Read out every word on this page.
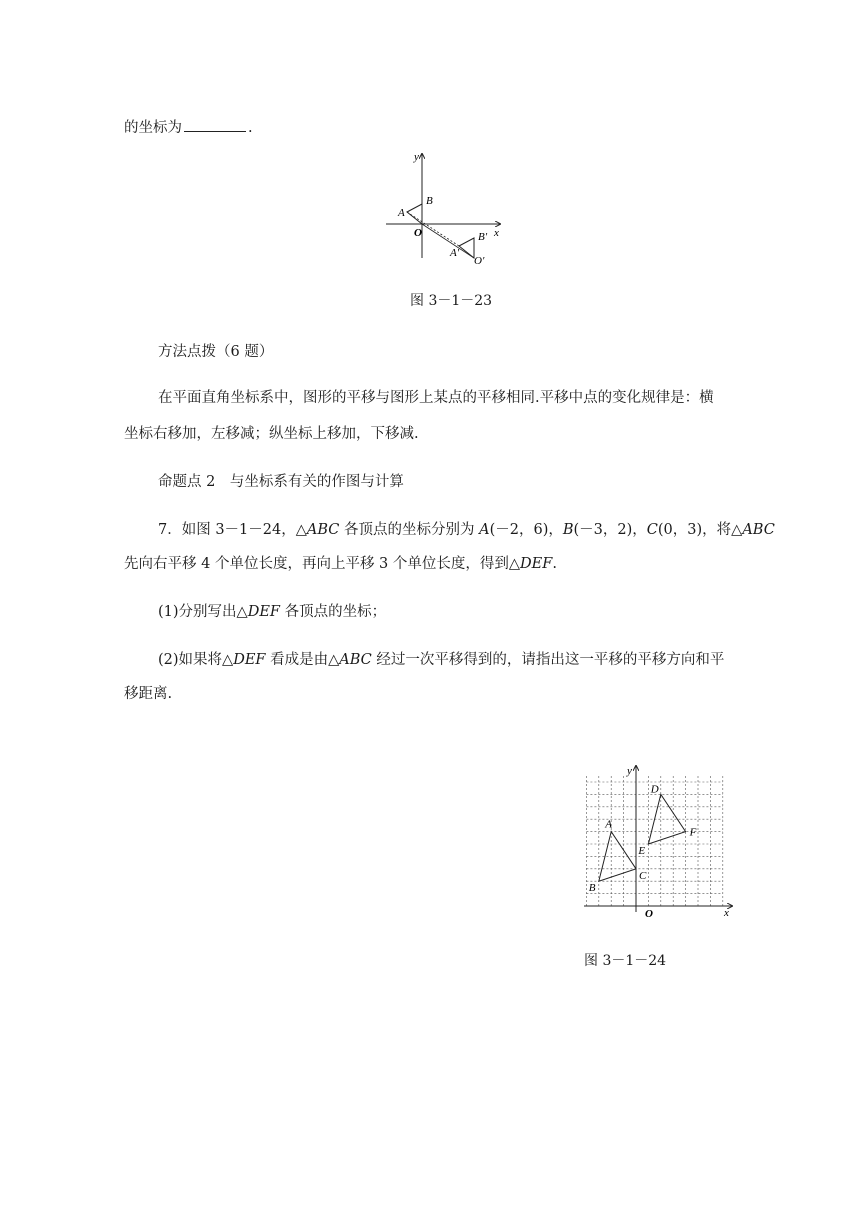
的坐标为	.
y
x
O
A
B
A′
B′
O′
图 3－1－23
方法点拨（6 题）
在平面直角坐标系中，图形的平移与图形上某点的平移相同.平移中点的变化规律是：横
坐标右移加，左移减；纵坐标上移加，下移减.
命题点 2　与坐标系有关的作图与计算
7．如图 3－1－24，△ABC 各顶点的坐标分别为 A(－2，6)，B(－3，2)，C(0，3)，将△ABC
先向右平移 4 个单位长度，再向上平移 3 个单位长度，得到△DEF.
(1)分别写出△DEF 各顶点的坐标；
(2)如果将△DEF 看成是由△ABC 经过一次平移得到的，请指出这一平移的平移方向和平
移距离.
y
x
O
A
B
C
D
E
F
图 3－1－24
